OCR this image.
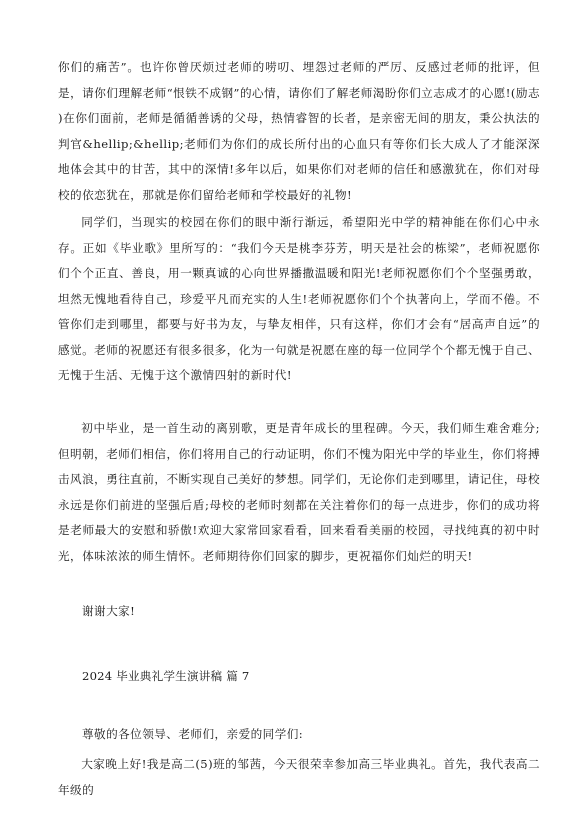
你们的痛苦”。也许你曾厌烦过老师的唠叨、埋怨过老师的严厉、反感过老师的批评，但是，请你们理解老师“恨铁不成钢”的心情，请你们了解老师渴盼你们立志成才的心愿!(励志 )在你们面前，老师是循循善诱的父母，热情睿智的长者，是亲密无间的朋友，秉公执法的判官&hellip;&hellip;老师们为你们的成长所付出的心血只有等你们长大成人了才能深深地体会其中的甘苦，其中的深情!多年以后，如果你们对老师的信任和感激犹在，你们对母校的依恋犹在，那就是你们留给老师和学校最好的礼物!

同学们，当现实的校园在你们的眼中渐行渐远，希望阳光中学的精神能在你们心中永存。正如《毕业歌》里所写的：“我们今天是桃李芬芳，明天是社会的栋梁”，老师祝愿你们个个正直、善良，用一颗真诚的心向世界播撒温暖和阳光!老师祝愿你们个个坚强勇敢，坦然无愧地看待自己，珍爱平凡而充实的人生!老师祝愿你们个个执著向上，学而不倦。不管你们走到哪里，都要与好书为友，与挚友相伴，只有这样，你们才会有“居高声自远”的感觉。老师的祝愿还有很多很多，化为一句就是祝愿在座的每一位同学个个都无愧于自己、无愧于生活、无愧于这个激情四射的新时代!

初中毕业，是一首生动的离别歌，更是青年成长的里程碑。今天，我们师生难舍难分;但明朝，老师们相信，你们将用自己的行动证明，你们不愧为阳光中学的毕业生，你们将搏击风浪，勇往直前，不断实现自己美好的梦想。同学们，无论你们走到哪里，请记住，母校永远是你们前进的坚强后盾;母校的老师时刻都在关注着你们的每一点进步，你们的成功将是老师最大的安慰和骄傲!欢迎大家常回家看看，回来看看美丽的校园，寻找纯真的初中时光，体味浓浓的师生情怀。老师期待你们回家的脚步，更祝福你们灿烂的明天!

谢谢大家!
2024 毕业典礼学生演讲稿 篇 7
尊敬的各位领导、老师们，亲爱的同学们:

大家晚上好!我是高二(5)班的邹茜，今天很荣幸参加高三毕业典礼。首先，我代表高二年级的
